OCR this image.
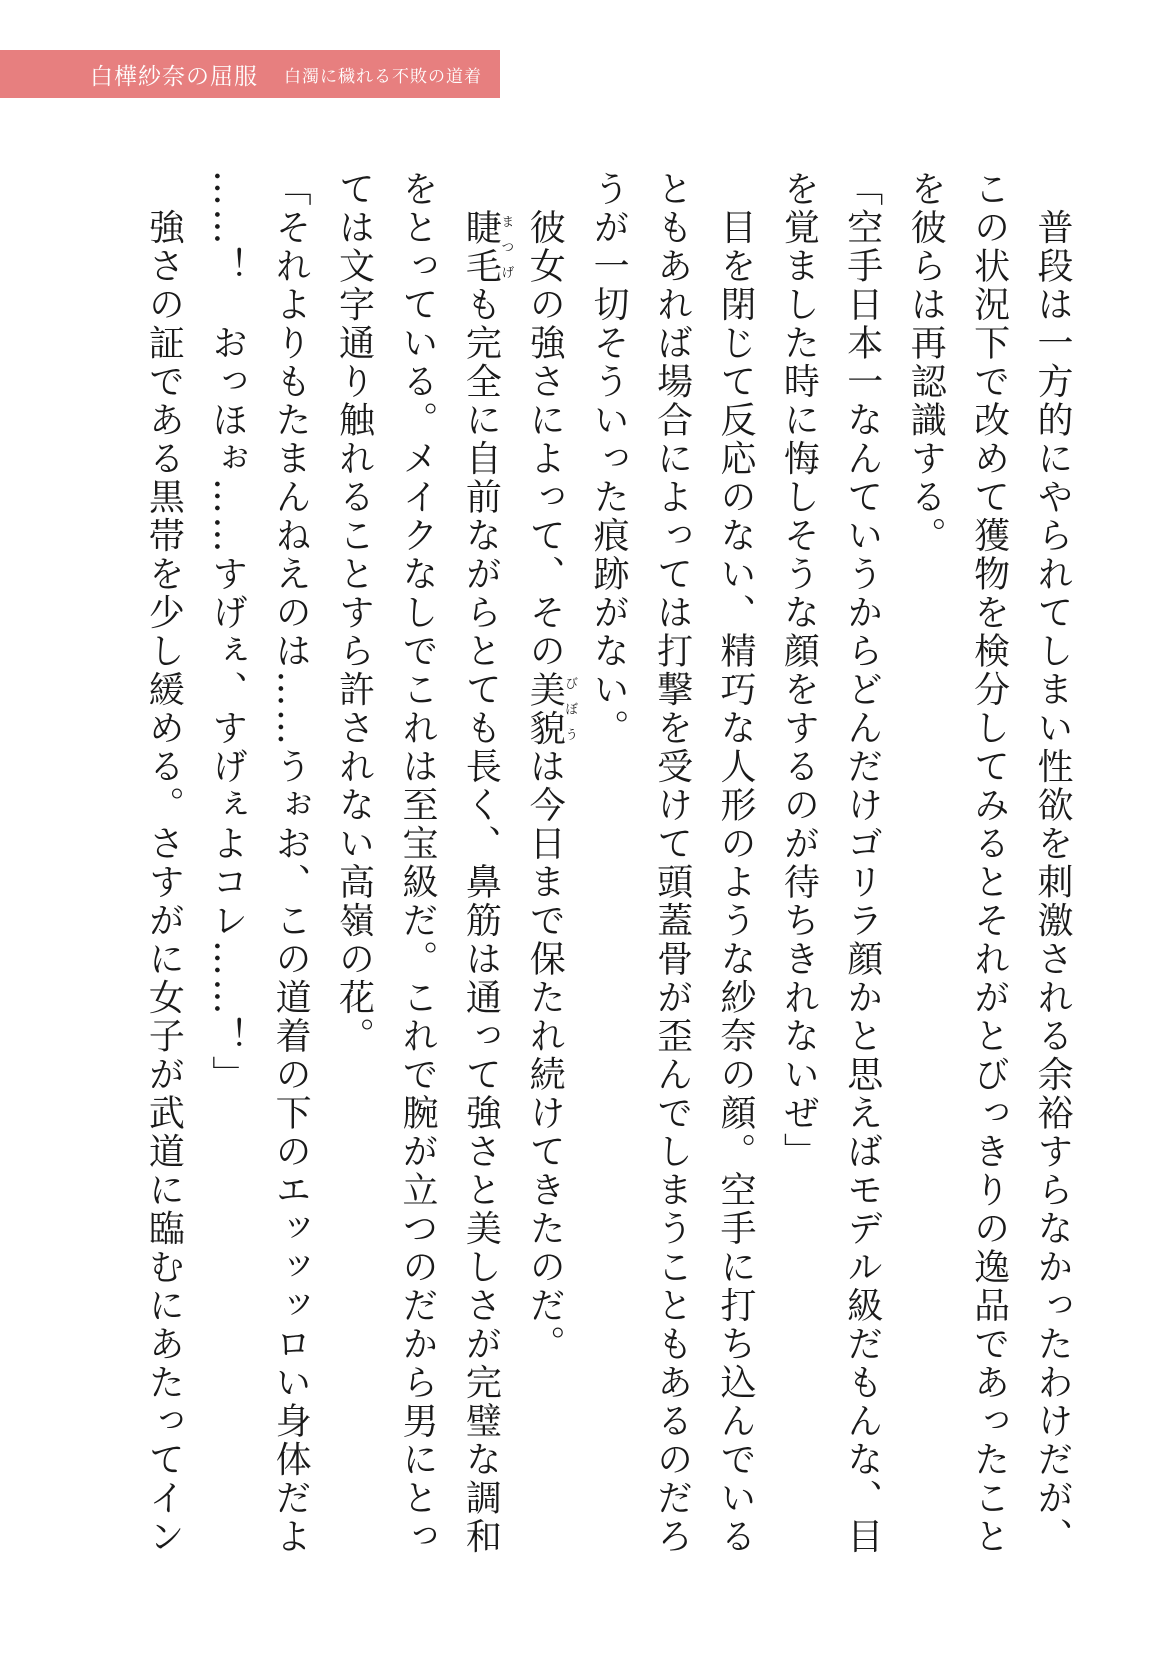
白樺紗奈の屈服 白濁に穢れる不敗の道着

　普段は一方的にやられてしまい性欲を刺激される余裕すらなかったわけだが、
この状況下で改めて獲物を検分してみるとそれがとびっきりの逸品であったこと
を彼らは再認識する。

「空手日本一なんていうからどんだけゴリラ顔かと思えばモデル級だもんな、目
を覚ました時に悔しそうな顔をするのが待ちきれないぜ」

　目を閉じて反応のない、精巧な人形のような紗奈の顔。空手に打ち込んでいる
ともあれば場合によっては打撃を受けて頭蓋骨が歪んでしまうこともあるのだろ
うが一切そういった痕跡がない。

　彼女の強さによって、その美貌びぼうは今日まで保たれ続けてきたのだ。
　睫毛まつげも完全に自前ながらとても長く、鼻筋は通って強さと美しさが完璧な調和
をとっている。メイクなしでこれは至宝級だ。これで腕が立つのだから男にとっ
ては文字通り触れることすら許されない高嶺の花。

「それよりもたまんねえのは……うぉお、この道着の下のエッッッロい身体だよ
……！　おっほぉ……すげぇ、すげぇよコレ……！」

　強さの証である黒帯を少し緩める。さすがに女子が武道に臨むにあたってイン
